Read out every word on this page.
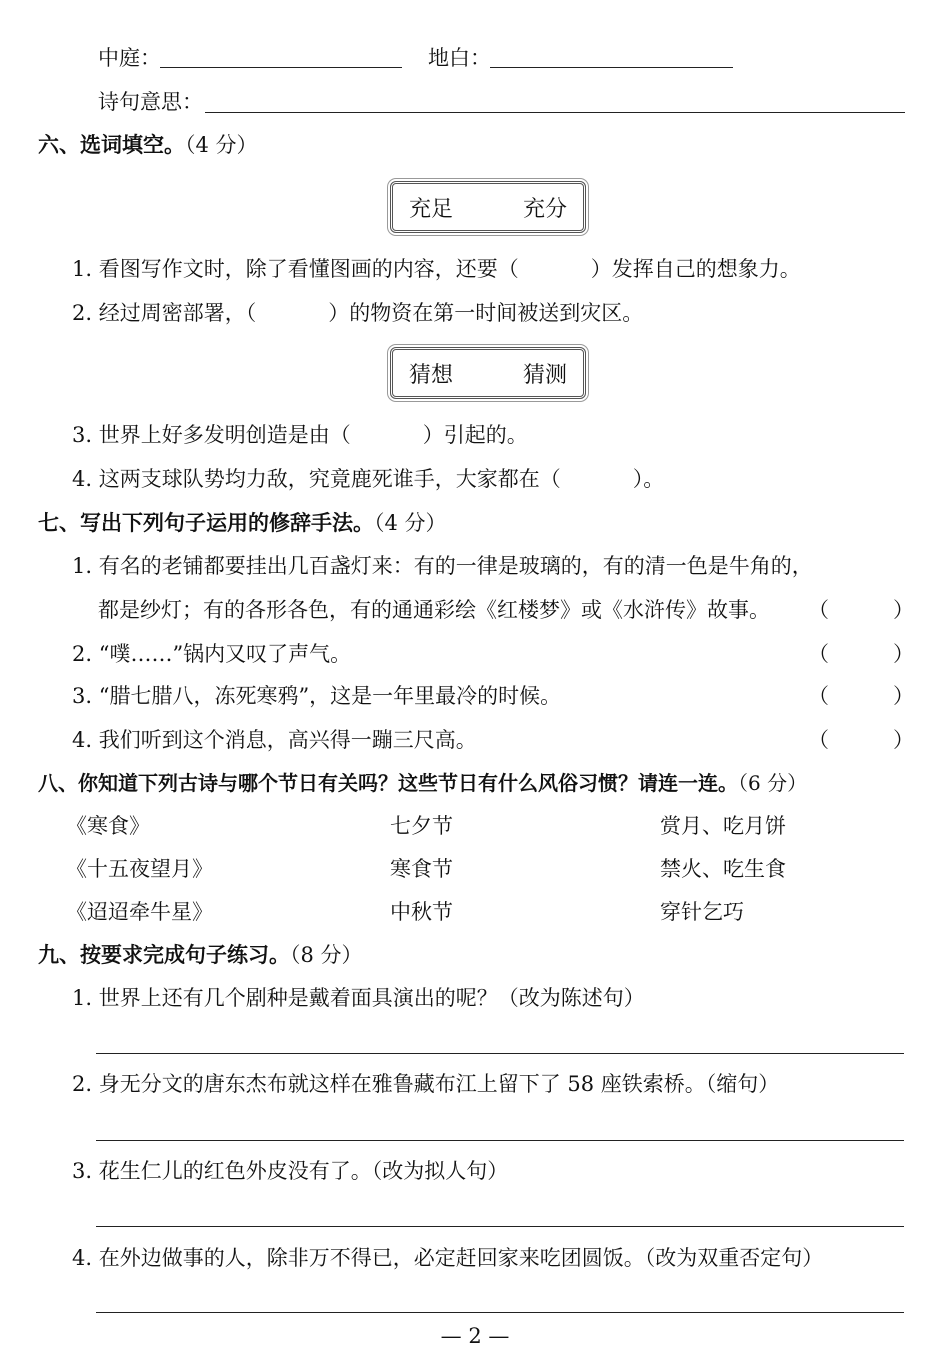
中庭：	地白：
诗句意思：
六、选词填空。（4 分）
充足	充分
1. 看图写作文时，除了看懂图画的内容，还要（	）发挥自己的想象力。
2. 经过周密部署，（	）的物资在第一时间被送到灾区。
猜想	猜测
3. 世界上好多发明创造是由（	）引起的。
4. 这两支球队势均力敌，究竟鹿死谁手，大家都在（	）。
七、写出下列句子运用的修辞手法。（4 分）
1. 有名的老铺都要挂出几百盏灯来：有的一律是玻璃的，有的清一色是牛角的，
都是纱灯；有的各形各色，有的通通彩绘《红楼梦》或《水浒传》故事。 （	）
2. “噗……”锅内又叹了声气。	（	）
3. “腊七腊八，冻死寒鸦”，这是一年里最冷的时候。	（	）
4. 我们听到这个消息，高兴得一蹦三尺高。	（	）
八、你知道下列古诗与哪个节日有关吗？这些节日有什么风俗习惯？请连一连。（6 分）
《寒食》	七夕节	赏月、吃月饼
《十五夜望月》	寒食节	禁火、吃生食
《迢迢牵牛星》	中秋节	穿针乞巧
九、按要求完成句子练习。（8 分）
1. 世界上还有几个剧种是戴着面具演出的呢？（改为陈述句）
2. 身无分文的唐东杰布就这样在雅鲁藏布江上留下了 58 座铁索桥。（缩句）
3. 花生仁儿的红色外皮没有了。（改为拟人句）
4. 在外边做事的人，除非万不得已，必定赶回家来吃团圆饭。（改为双重否定句）
— 2 —
